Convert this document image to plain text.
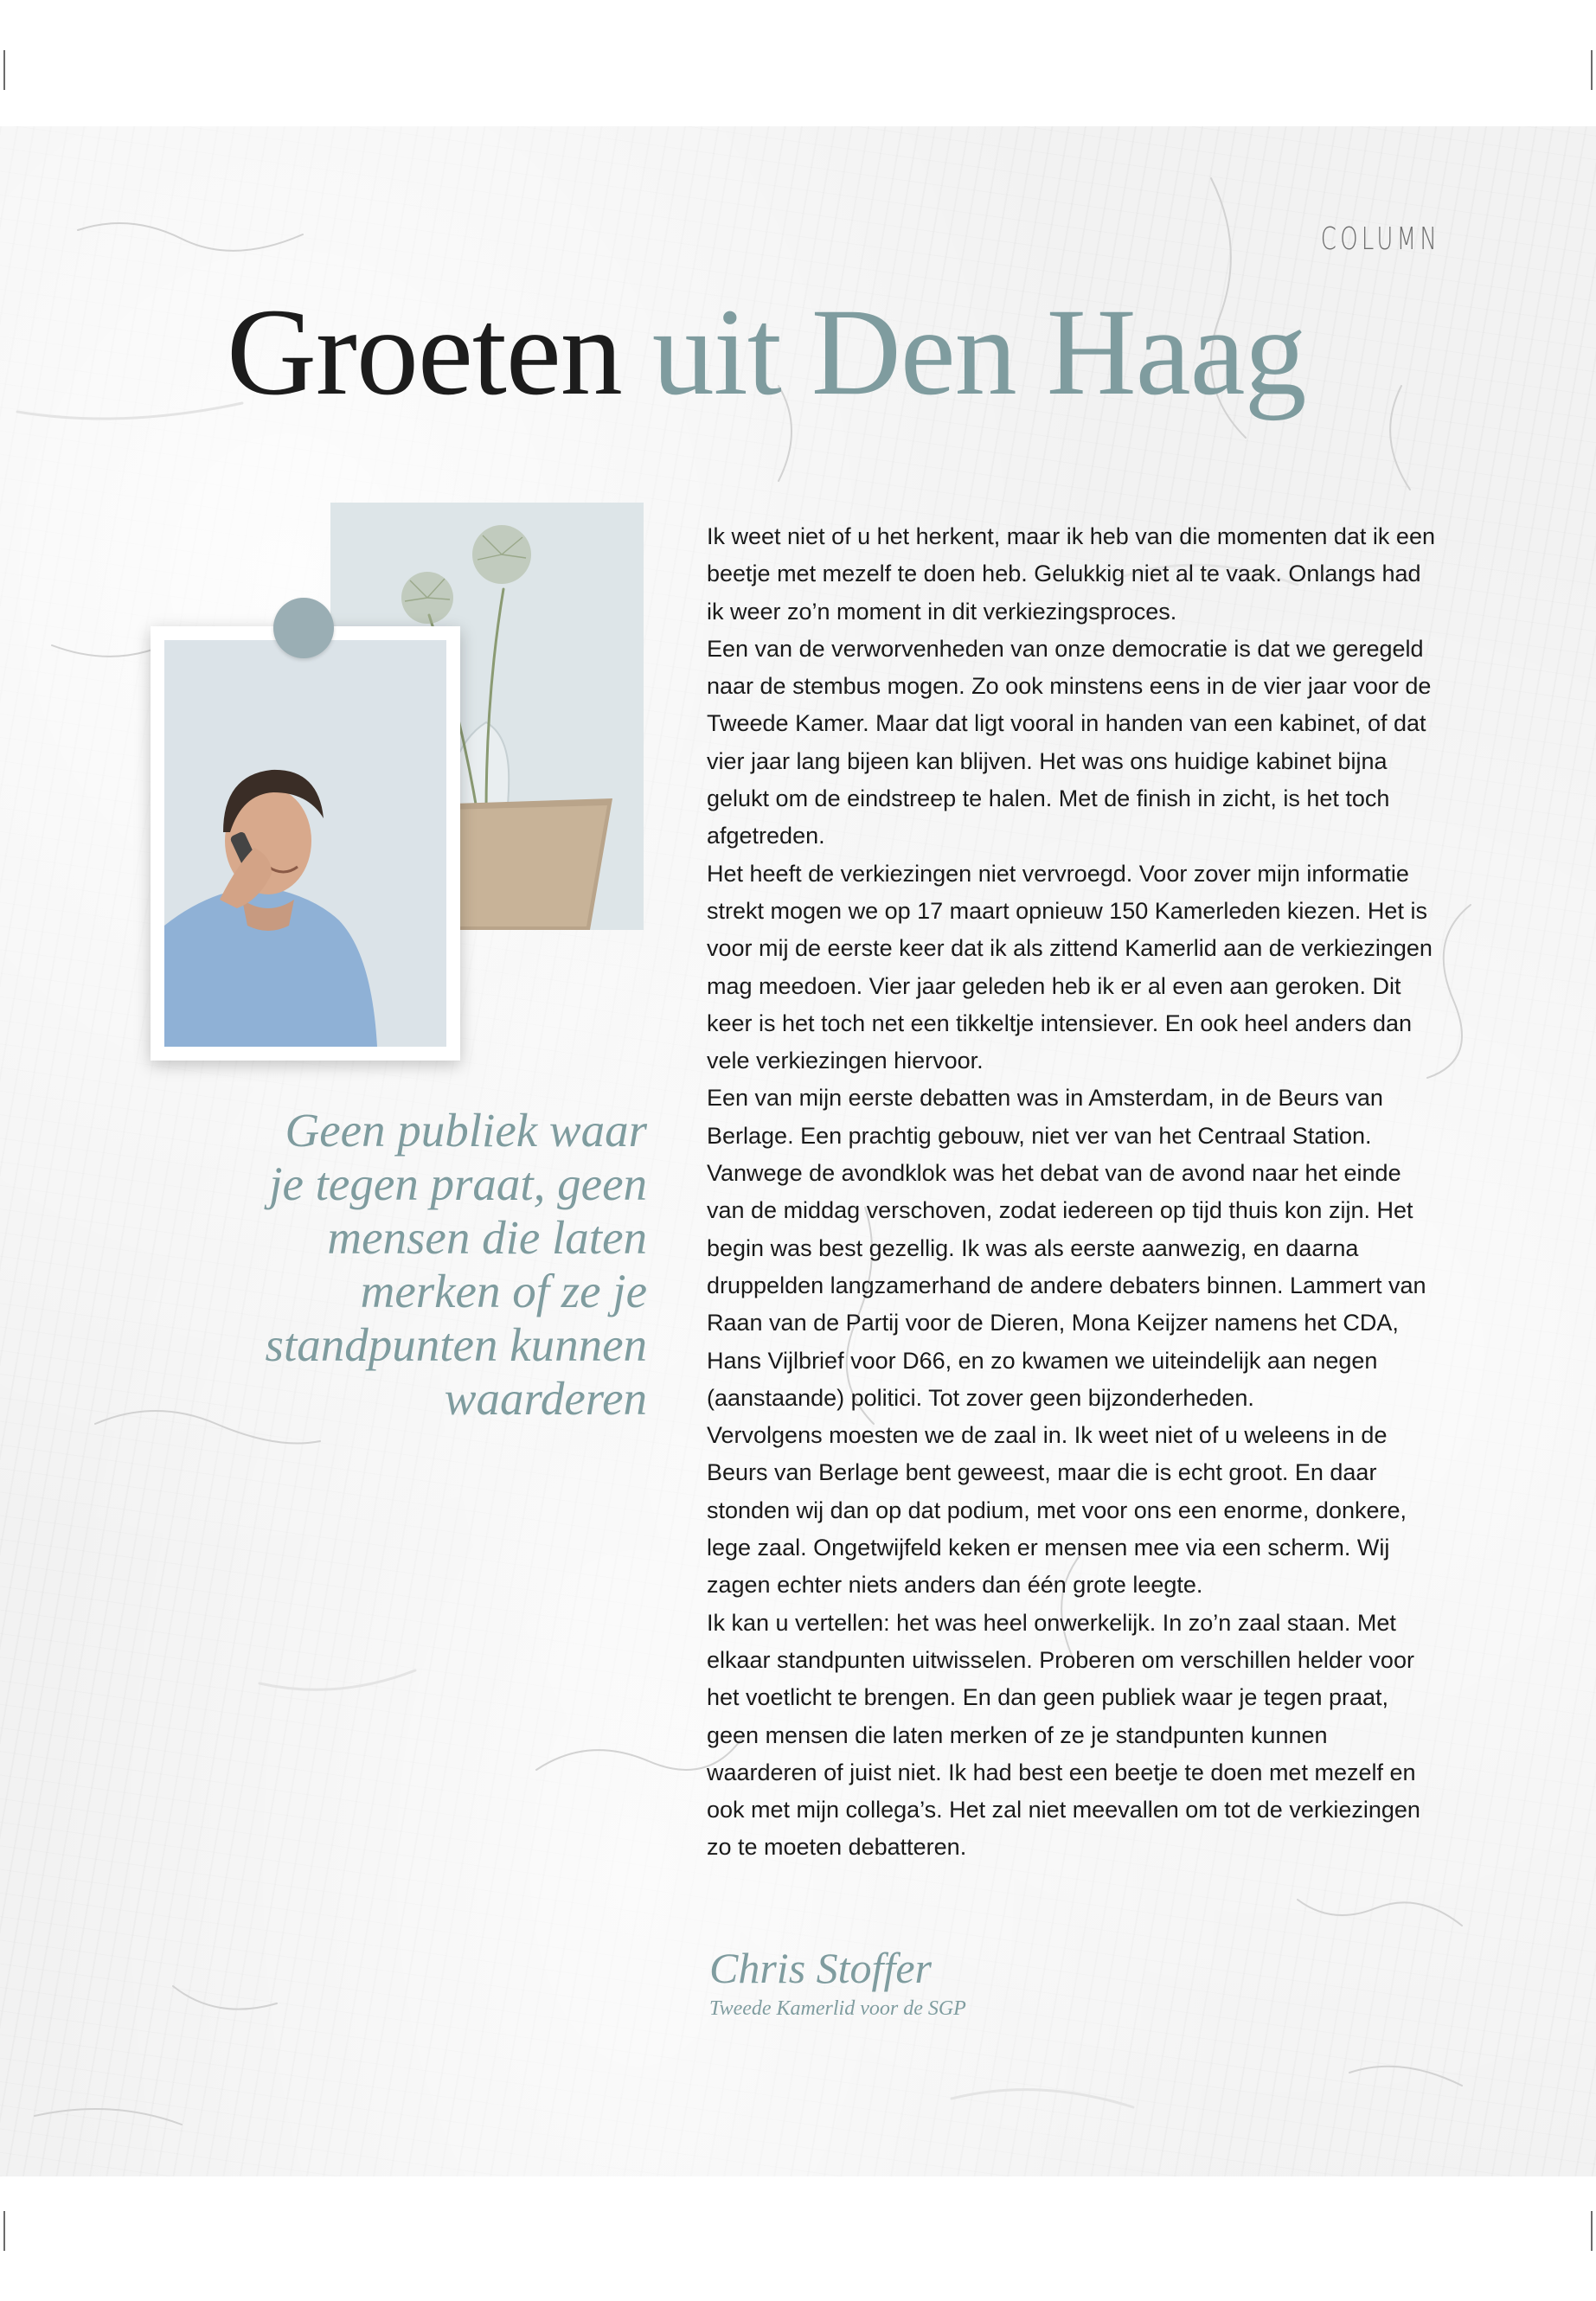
COLUMN
Groeten uit Den Haag

Geen publiek waar je tegen praat, geen mensen die laten merken of ze je standpunten kunnen waarderen

Ik weet niet of u het herkent, maar ik heb van die momenten dat ik een beetje met mezelf te doen heb. Gelukkig niet al te vaak. Onlangs had ik weer zo’n moment in dit verkiezingsproces.

Een van de verworvenheden van onze democratie is dat we geregeld naar de stembus mogen. Zo ook minstens eens in de vier jaar voor de Tweede Kamer. Maar dat ligt vooral in handen van een kabinet, of dat vier jaar lang bijeen kan blijven. Het was ons huidige kabinet bijna gelukt om de eindstreep te halen. Met de finish in zicht, is het toch afgetreden.

Het heeft de verkiezingen niet vervroegd. Voor zover mijn informatie strekt mogen we op 17 maart opnieuw 150 Kamerleden kiezen. Het is voor mij de eerste keer dat ik als zittend Kamerlid aan de verkiezingen mag meedoen. Vier jaar geleden heb ik er al even aan geroken. Dit keer is het toch net een tikkeltje intensiever. En ook heel anders dan vele verkiezingen hiervoor.

Een van mijn eerste debatten was in Amsterdam, in de Beurs van Berlage. Een prachtig gebouw, niet ver van het Centraal Station. Vanwege de avondklok was het debat van de avond naar het einde van de middag verschoven, zodat iedereen op tijd thuis kon zijn. Het begin was best gezellig. Ik was als eerste aanwezig, en daarna druppelden langzamerhand de andere debaters binnen. Lammert van Raan van de Partij voor de Dieren, Mona Keijzer namens het CDA, Hans Vijlbrief voor D66, en zo kwamen we uiteindelijk aan negen (aanstaande) politici. Tot zover geen bijzonderheden.

Vervolgens moesten we de zaal in. Ik weet niet of u weleens in de Beurs van Berlage bent geweest, maar die is echt groot. En daar stonden wij dan op dat podium, met voor ons een enorme, donkere, lege zaal. Ongetwijfeld keken er mensen mee via een scherm. Wij zagen echter niets anders dan één grote leegte.

Ik kan u vertellen: het was heel onwerkelijk. In zo’n zaal staan. Met elkaar standpunten uitwisselen. Proberen om verschillen helder voor het voetlicht te brengen. En dan geen publiek waar je tegen praat, geen mensen die laten merken of ze je standpunten kunnen waarderen of juist niet. Ik had best een beetje te doen met mezelf en ook met mijn collega’s. Het zal niet meevallen om tot de verkiezingen zo te moeten debatteren.

Chris Stoffer
Tweede Kamerlid voor de SGP
